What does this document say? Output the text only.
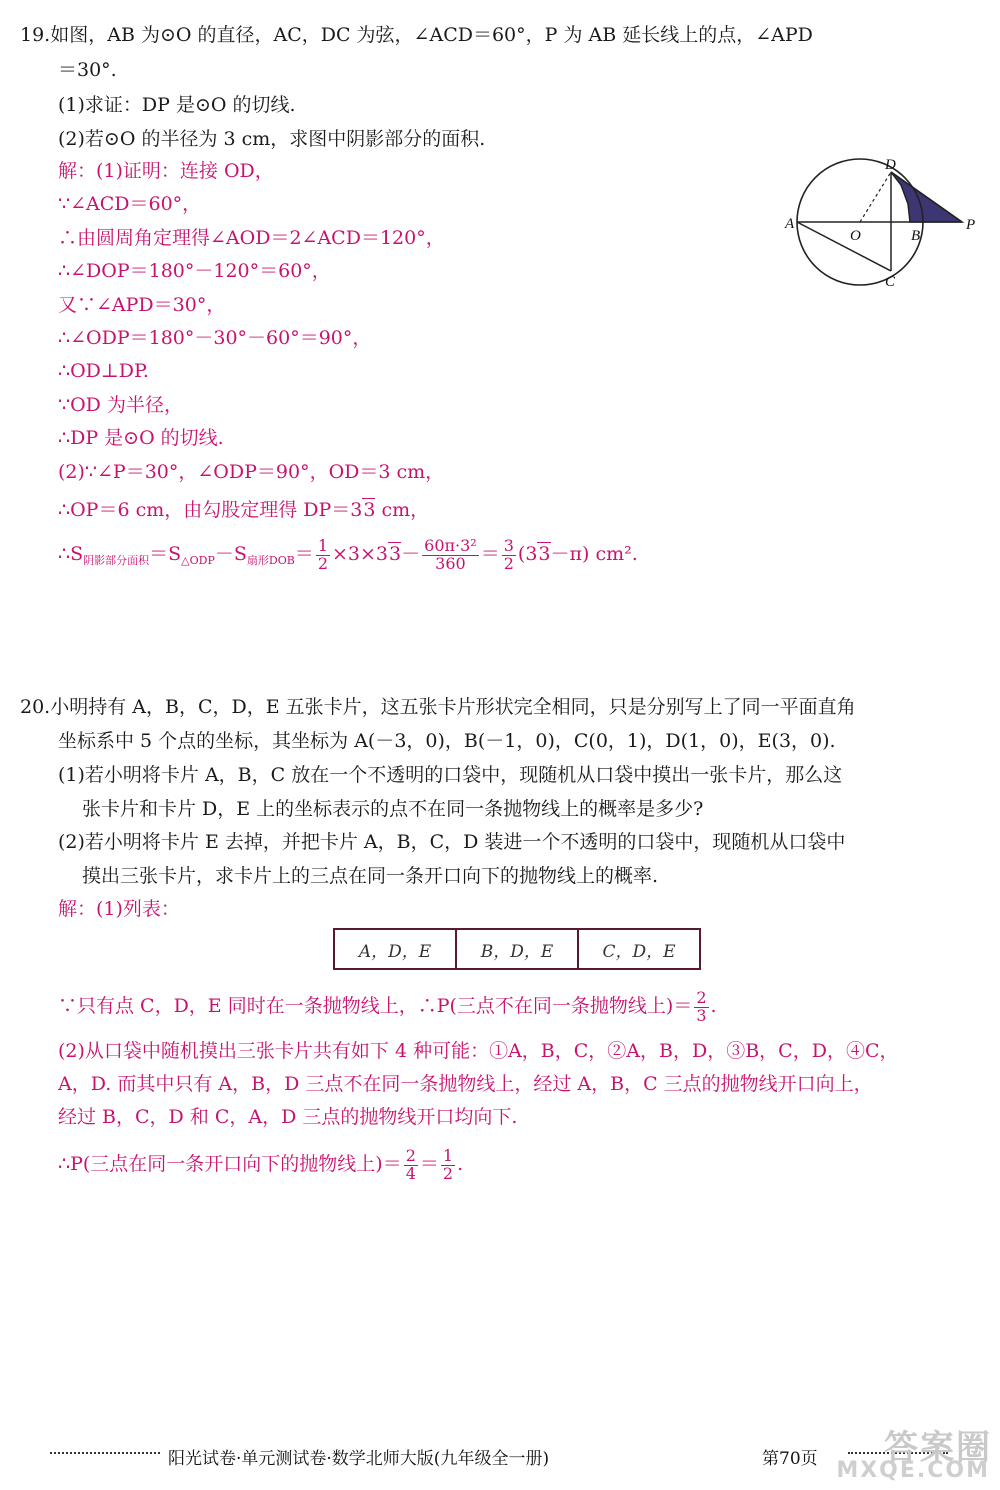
19.如图，AB 为⊙O 的直径，AC，DC 为弦，∠ACD＝60°，P 为 AB 延长线上的点，∠APD
＝30°.
(1)求证：DP 是⊙O 的切线.
(2)若⊙O 的半径为 3 cm，求图中阴影部分的面积.
解：(1)证明：连接 OD，
∵∠ACD＝60°，
∴由圆周角定理得∠AOD＝2∠ACD＝120°，
∴∠DOP＝180°－120°＝60°，
又∵∠APD＝30°，
∴∠ODP＝180°－30°－60°＝90°，
∴OD⊥DP.
∵OD 为半径，
∴DP 是⊙O 的切线.
(2)∵∠P＝30°，∠ODP＝90°，OD＝3 cm，
∴OP＝6 cm，由勾股定理得 DP＝33 cm，
$\therefore S_{阴影部分面积}=S_{\triangle ODP}-S_{扇形DOB}= \frac{1}{2} \times 3\times 33- \frac{\text{60π·3²}}{360} = \frac{3}{2} (33-\pi)$ cm².
D
A
O	B
P
C
20.小明持有 A，B，C，D，E 五张卡片，这五张卡片形状完全相同，只是分别写上了同一平面直角
坐标系中 5 个点的坐标，其坐标为 A(－3，0)，B(－1，0)，C(0，1)，D(1，0)，E(3，0).
(1)若小明将卡片 A，B，C 放在一个不透明的口袋中，现随机从口袋中摸出一张卡片，那么这
张卡片和卡片 D，E 上的坐标表示的点不在同一条抛物线上的概率是多少?
(2)若小明将卡片 E 去掉，并把卡片 A，B，C，D 装进一个不透明的口袋中，现随机从口袋中
摸出三张卡片，求卡片上的三点在同一条开口向下的抛物线上的概率.
解：(1)列表：
A，D，E	B，D，E	C，D，E
∵只有点 C，D，E 同时在一条抛物线上，∴P(三点不在同一条抛物线上)＝ $\frac{2}{3}$ .
(2)从口袋中随机摸出三张卡片共有如下 4 种可能：①A，B，C，②A，B，D，③B，C，D，④C，
A，D. 而其中只有 A，B，D 三点不在同一条抛物线上，经过 A，B，C 三点的抛物线开口向上，
经过 B，C，D 和 C，A，D 三点的抛物线开口均向下.
∴P(三点在同一条开口向下的抛物线上)＝ $\frac{2}{4} = \frac{1}{2}$ .
阳光试卷·单元测试卷·数学北师大版(九年级全一册)	第70页 答案圈
MXQE.COM
